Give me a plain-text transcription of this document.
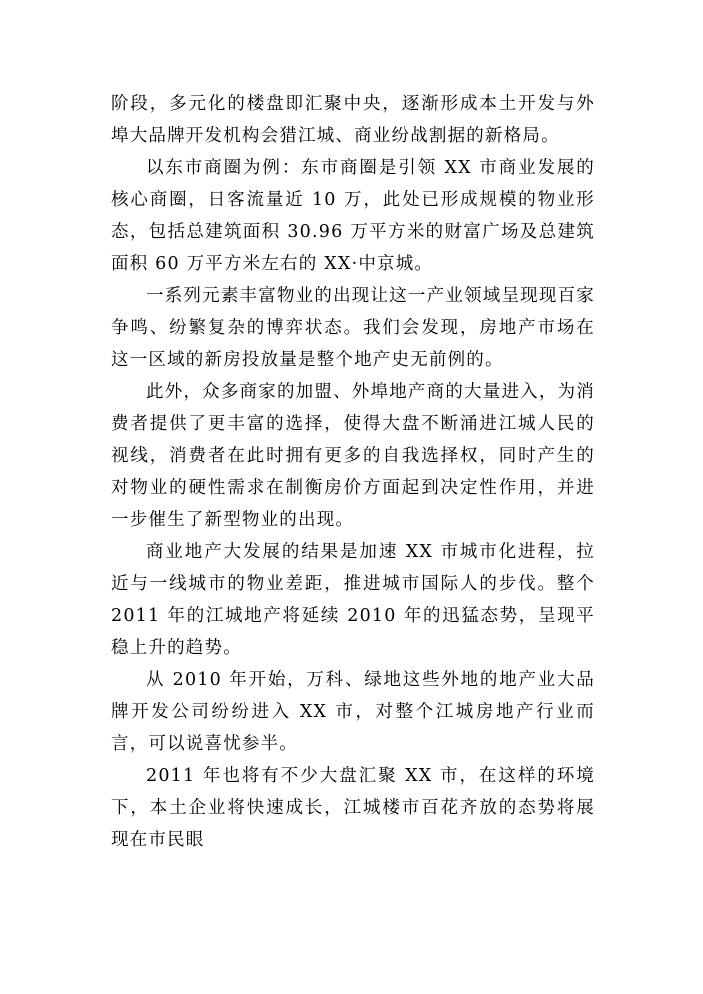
阶段，多元化的楼盘即汇聚中央，逐渐形成本土开发与外埠大品牌开发机构会猎江城、商业纷战割据的新格局。

以东市商圈为例：东市商圈是引领 XX 市商业发展的核心商圈，日客流量近 10 万，此处已形成规模的物业形态，包括总建筑面积 30.96 万平方米的财富广场及总建筑面积 60 万平方米左右的 XX·中京城。

一系列元素丰富物业的出现让这一产业领域呈现现百家争鸣、纷繁复杂的博弈状态。我们会发现，房地产市场在这一区域的新房投放量是整个地产史无前例的。

此外，众多商家的加盟、外埠地产商的大量进入，为消费者提供了更丰富的选择，使得大盘不断涌进江城人民的视线，消费者在此时拥有更多的自我选择权，同时产生的对物业的硬性需求在制衡房价方面起到决定性作用，并进一步催生了新型物业的出现。

商业地产大发展的结果是加速 XX 市城市化进程，拉近与一线城市的物业差距，推进城市国际人的步伐。整个 2011 年的江城地产将延续 2010 年的迅猛态势，呈现平稳上升的趋势。

从 2010 年开始，万科、绿地这些外地的地产业大品牌开发公司纷纷进入 XX 市，对整个江城房地产行业而言，可以说喜忧参半。

2011 年也将有不少大盘汇聚 XX 市，在这样的环境下，本土企业将快速成长，江城楼市百花齐放的态势将展现在市民眼
